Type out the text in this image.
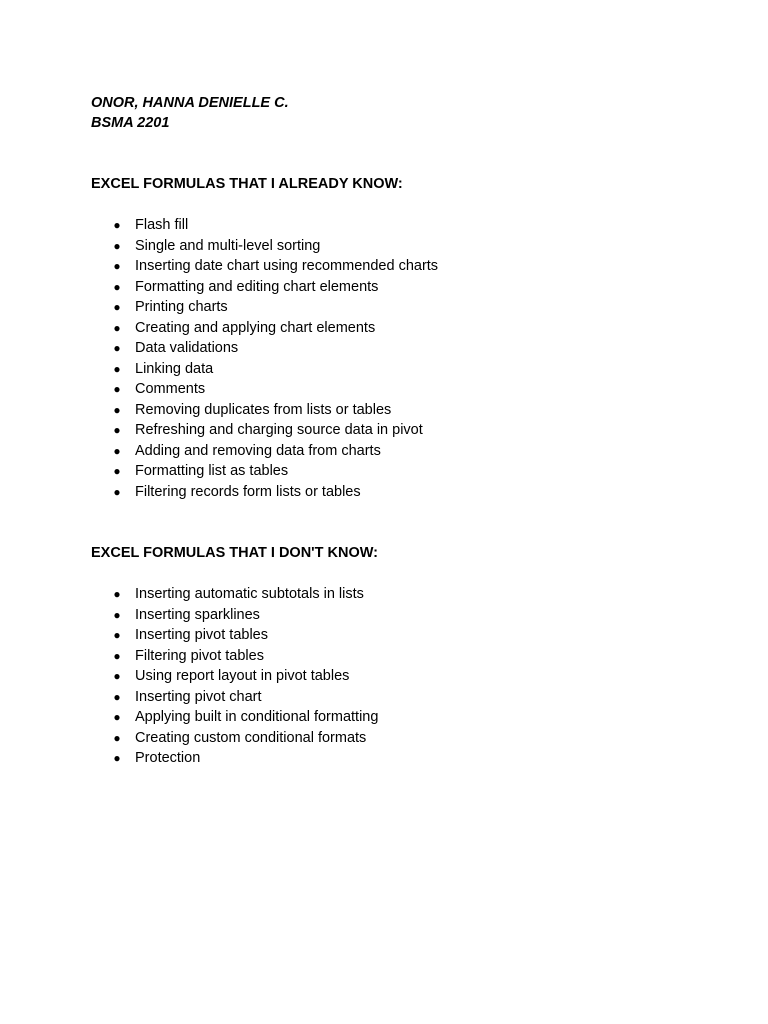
ONOR, HANNA DENIELLE C.
BSMA 2201
EXCEL FORMULAS THAT I ALREADY KNOW:
● Flash fill
● Single and multi-level sorting
● Inserting date chart using recommended charts
● Formatting and editing chart elements
● Printing charts
● Creating and applying chart elements
● Data validations
● Linking data
● Comments
● Removing duplicates from lists or tables
● Refreshing and charging source data in pivot
● Adding and removing data from charts
● Formatting list as tables
● Filtering records form lists or tables
EXCEL FORMULAS THAT I DON'T KNOW:
● Inserting automatic subtotals in lists
● Inserting sparklines
● Inserting pivot tables
● Filtering pivot tables
● Using report layout in pivot tables
● Inserting pivot chart
● Applying built in conditional formatting
● Creating custom conditional formats
● Protection
